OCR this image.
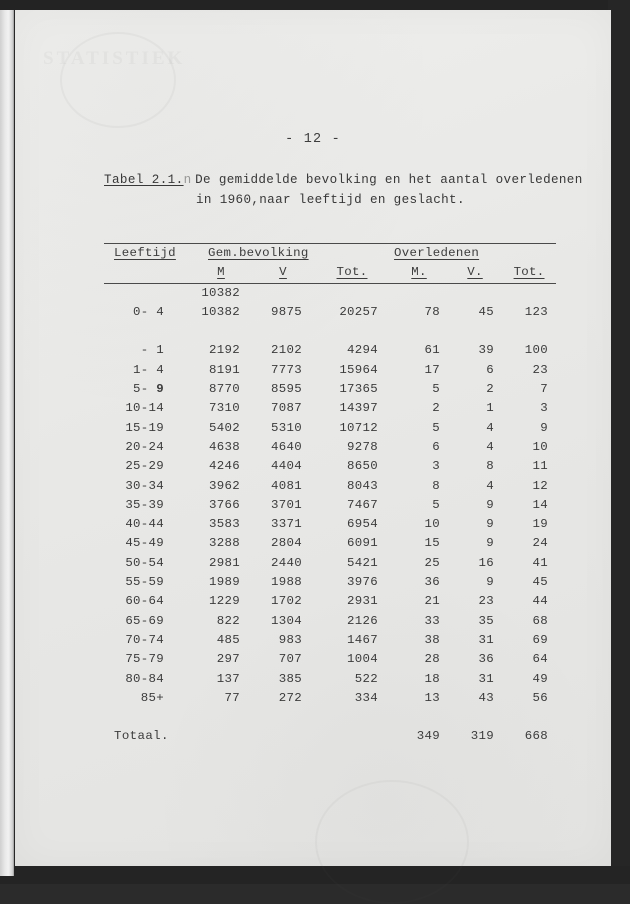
STATISTIEK
- 12 -
Tabel 2.1. n De gemiddelde bevolking en het aantal overledenen
in 1960,naar leeftijd en geslacht.
Leeftijd	Gem.bevolking			Overledenen		
	M	V	Tot.	M.	V.	Tot.
	10382					
0- 4	10382	9875	20257	78	45	123

- 1	2192	2102	4294	61	39	100
1- 4	8191	7773	15964	17	6	23
5- 9	8770	8595	17365	5	2	7
10-14	7310	7087	14397	2	1	3
15-19	5402	5310	10712	5	4	9
20-24	4638	4640	9278	6	4	10
25-29	4246	4404	8650	3	8	11
30-34	3962	4081	8043	8	4	12
35-39	3766	3701	7467	5	9	14
40-44	3583	3371	6954	10	9	19
45-49	3288	2804	6091	15	9	24
50-54	2981	2440	5421	25	16	41
55-59	1989	1988	3976	36	9	45
60-64	1229	1702	2931	21	23	44
65-69	822	1304	2126	33	35	68
70-74	485	983	1467	38	31	69
75-79	297	707	1004	28	36	64
80-84	137	385	522	18	31	49
85+	77	272	334	13	43	56

Totaal.				349	319	668
